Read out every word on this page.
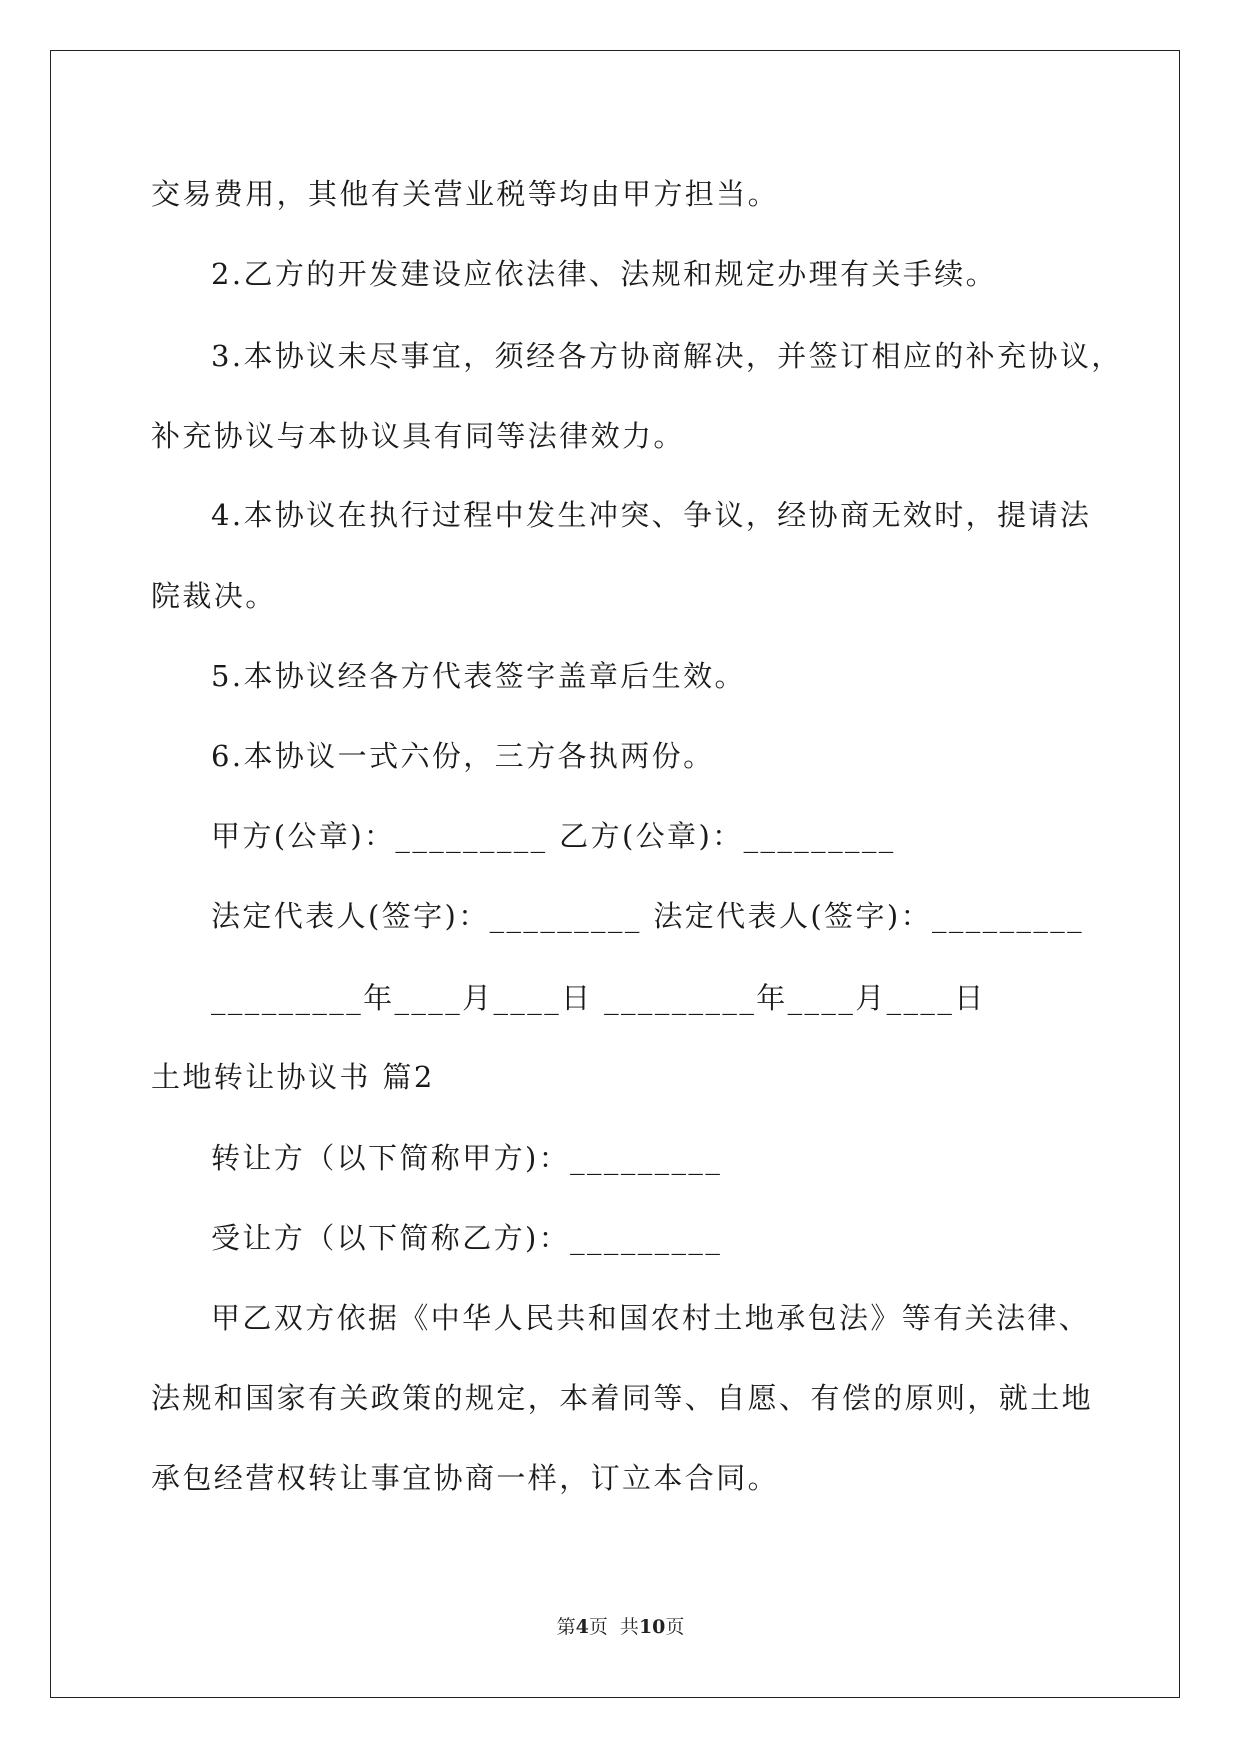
交易费用，其他有关营业税等均由甲方担当。
2.乙方的开发建设应依法律、法规和规定办理有关手续。
3.本协议未尽事宜，须经各方协商解决，并签订相应的补充协议，
补充协议与本协议具有同等法律效力。
4.本协议在执行过程中发生冲突、争议，经协商无效时，提请法
院裁决。
5.本协议经各方代表签字盖章后生效。
6.本协议一式六份，三方各执两份。
甲方(公章)：_________ 乙方(公章)：_________
法定代表人(签字)：_________ 法定代表人(签字)：_________
_________年____月____日 _________年____月____日
土地转让协议书 篇2
转让方（以下简称甲方)：_________
受让方（以下简称乙方)：_________
甲乙双方依据《中华人民共和国农村土地承包法》等有关法律、
法规和国家有关政策的规定，本着同等、自愿、有偿的原则，就土地
承包经营权转让事宜协商一样，订立本合同。
第4页  共10页
